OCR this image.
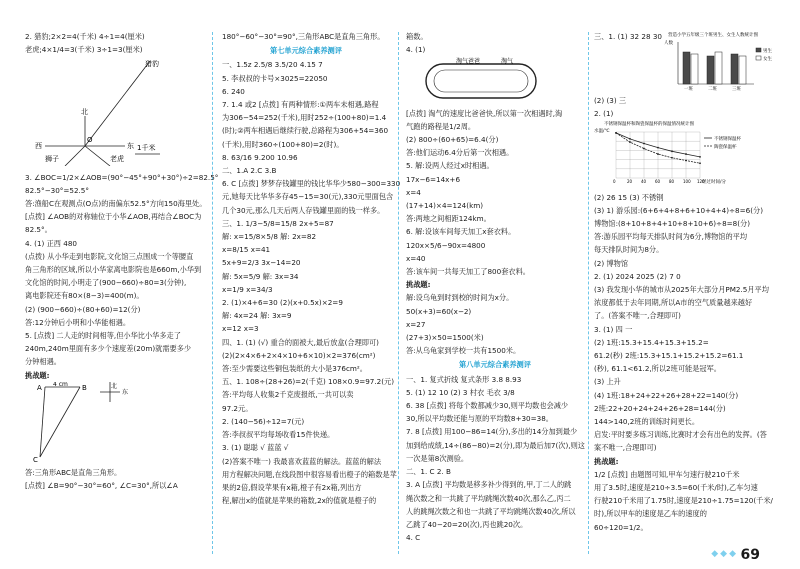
2. 猎豹;2×2=4(千米) 4÷1=4(厘米)

老虎;4×1/4=3(千米) 3÷1=3(厘米)

猎豹
北
东
西	1千米
狮子	老虎
O

3. ∠BOC=1/2×∠AOB=(90°−45°+90°+30°)÷2=82.5°

82.5°−30°=52.5°

答:渔船C在观测点(O点)的南偏东52.5°方向150海里处。

[点拨] ∠AOB的对称轴位于小华∠AOB,再结合∠BOC为

82.5°。

4. (1) 正西 480

(点拨) 从小华走到电影院,文化馆三点围成一个等腰直

角三角形的区域,所以小华家离电影院也是660m,小华到

文化馆的时间,小明走了(900−660)÷80=3(分钟),

离电影院还有80×(8−3)=400(m)。

(2) (900−660)÷(80+60)=12(分)

答:12分钟后小明和小华能相遇。

5. [点拨] 二人走的时间相等,但小华比小华多走了

240m,240m里面有多少个速度差(20m)就需要多少

分钟相遇。

挑战题:

A	B
C
4 cm	北
东

答:三角形ABC是直角三角形。

[点拨] ∠B=90°−30°=60°, ∠C=30°,所以∠A

180°−60°−30°=90°,三角形ABC是直角三角形。

第七单元综合素养测评

一、1.5z 2.5/8 3.5/20 4.15 7

5. 李叔叔的卡号×3025=22050

6. 240

7. 1.4 或2 [点拨] 有两种情形:①两车未相遇,路程

为306−54=252(千米),用时252÷(100+80)=1.4

(时);②两车相遇后继续行驶,总路程为306+54=360

(千米),用时360÷(100+80)=2(时)。

8. 63/16 9.200 10.96

二、1.A 2.C 3.B

6. C [点拨] 梦梦存钱罐里的钱比华华少580−300=330

元,她每天比华华多存45−15=30(元),330元里面包含

几个30元,那么几天后两人存钱罐里面的钱一样多。

三、1. 1/3−5/8=15/8 2x+5=87

解: x=15/8×5/8 解: 2x=82

x=8/15 x=41

5x+9=2/3 3x−14=20

解: 5x=5/9 解: 3x=34

x=1/9 x=34/3

2. (1)×4+6=30 (2)(x+0.5x)×2=9

解: 4x=24 解: 3x=9

x=12 x=3

四、1. (1) (√) 重合的面被大,最后放盒(合理即可)

(2)(2×4×6+2×4×10+6×10)×2=376(cm²)

答:至少需要这些铜包装纸的大小是376cm²。

五、1. 108÷(28+26)=2(千克) 108×0.9=97.2(元)

答:平均每人收集2千克废报纸,一共可以卖

97.2元。

2. (140−56)÷12=7(元)

答:李叔叔平均每场收看15件快递。

3. (1) 聪聪 √ 蓝蓝 √

(2)答案不唯一) 我最喜欢蓝蓝的解法。蓝蓝的解法

用方程解决问题,在线段图中很容易看出橙子的箱数是苹

果的2倍,假设苹果有x箱,橙子有2x箱,列出方

程,解出x的值就是苹果的箱数,2x的值就是橙子的

箱数。

4. (1)

淘气爸爸	淘气

[点拨] 淘气的速度比爸爸快,所以第一次相遇时,淘

气跑的路程是1/2周。

(2) 800÷(60+65)=6.4(分)

答:他们运动6.4分后第一次相遇。

5. 解:设两人经过x时相遇。

17x−6=14x+6

x=4

(17+14)×4=124(km)

答:两地之间相距124km。

6. 解:设该车间每天加工x套衣料。

120x×5/6−90x=4800

x=40

答:该车间一共每天加工了800套衣料。

挑战题:

解:设乌龟到时到校的时间为x分。

50(x+3)=60(x−2)

x=27

(27+3)×50=1500(米)

答:从乌龟家到学校一共有1500米。

第八单元综合素养测评

一、1. 复式折线 复式条形 3.8 8.93

5. (1) 12 10 (2) 3 村衣 毛衣 3/8

6. 38 [点拨] 将每个数都减少30,则平均数也会减少

30,所以平均数还能与原的平均数8+30=38。

7. 8 [点拨] 用100−86=14(分),多出的14分加到最少

加到给成绩,14÷(86−80)=2(分),即为最后加7(次),则这

一次是第8次测验。

二、1. C 2. B

3. A [点拨] 平均数是移多补少得到的,甲,丁二人的跳

绳次数之和一共跳了平均跳绳次数40次,那么乙,丙二

人的跳绳次数之和也一共跳了平均跳绳次数40次,所以

乙跳了40−20=20(次),丙也跳20次。

4. C

三、1. (1) 32 28 30	营造小学五年级三个班男生、女生人数统计图
人数
一班	二班	三班
男生
女生

(2) (3) 三

2. (1)

不锈钢保温杯和陶瓷保温杯的保温情况统计图
水温/℃
0	20 40 60 80 100 120
经过时间/分
不锈钢保温杯
陶瓷保温杯

(2) 26 15 (3) 不锈钢

(3) 1) 游乐园:(6+6+4+8+6+10+4+4)÷8=6(分)

博物馆:(8+10+8+4+10+8+10+6)÷8=8(分)

答:游乐园平均每天排队时间为6分,博物馆的平均

每天排队时间为8分。

(2) 博物馆

2. (1) 2024 2025 (2) 7 0

(3) 我发现小华的城市从2025年大部分月PM2.5月平均

浓度都低于去年同期,所以A市的空气质量越来越好

了。(答案不唯一,合理即可)

3. (1) 四 一

(2) 1班:15.3+15.4+15.3+15.2=

61.2(秒) 2班:15.3+15.1+15.2+15.2=61.1

(秒), 61.1<61.2,所以2班可能是冠军。

(3) 上升

(4) 1班:18+24+22+26+28+22=140(分)

2班:22+20+24+24+26+28=144(分)

144>140,2班的训练时间更长。

启发:平时要多练习训练,比赛时才会有出色的发挥。(答

案不唯一,合理即可)

挑战题:

1/2 [点拨] 由题图可知,甲车匀速行驶210千米

用了3.5时,速度是210÷3.5=60(千米/时),乙车匀速

行驶210千米用了1.75时,速度是210÷1.75=120(千米/

时),所以甲车的速度是乙车的速度的

60÷120=1/2。

◆◆◆ 69
